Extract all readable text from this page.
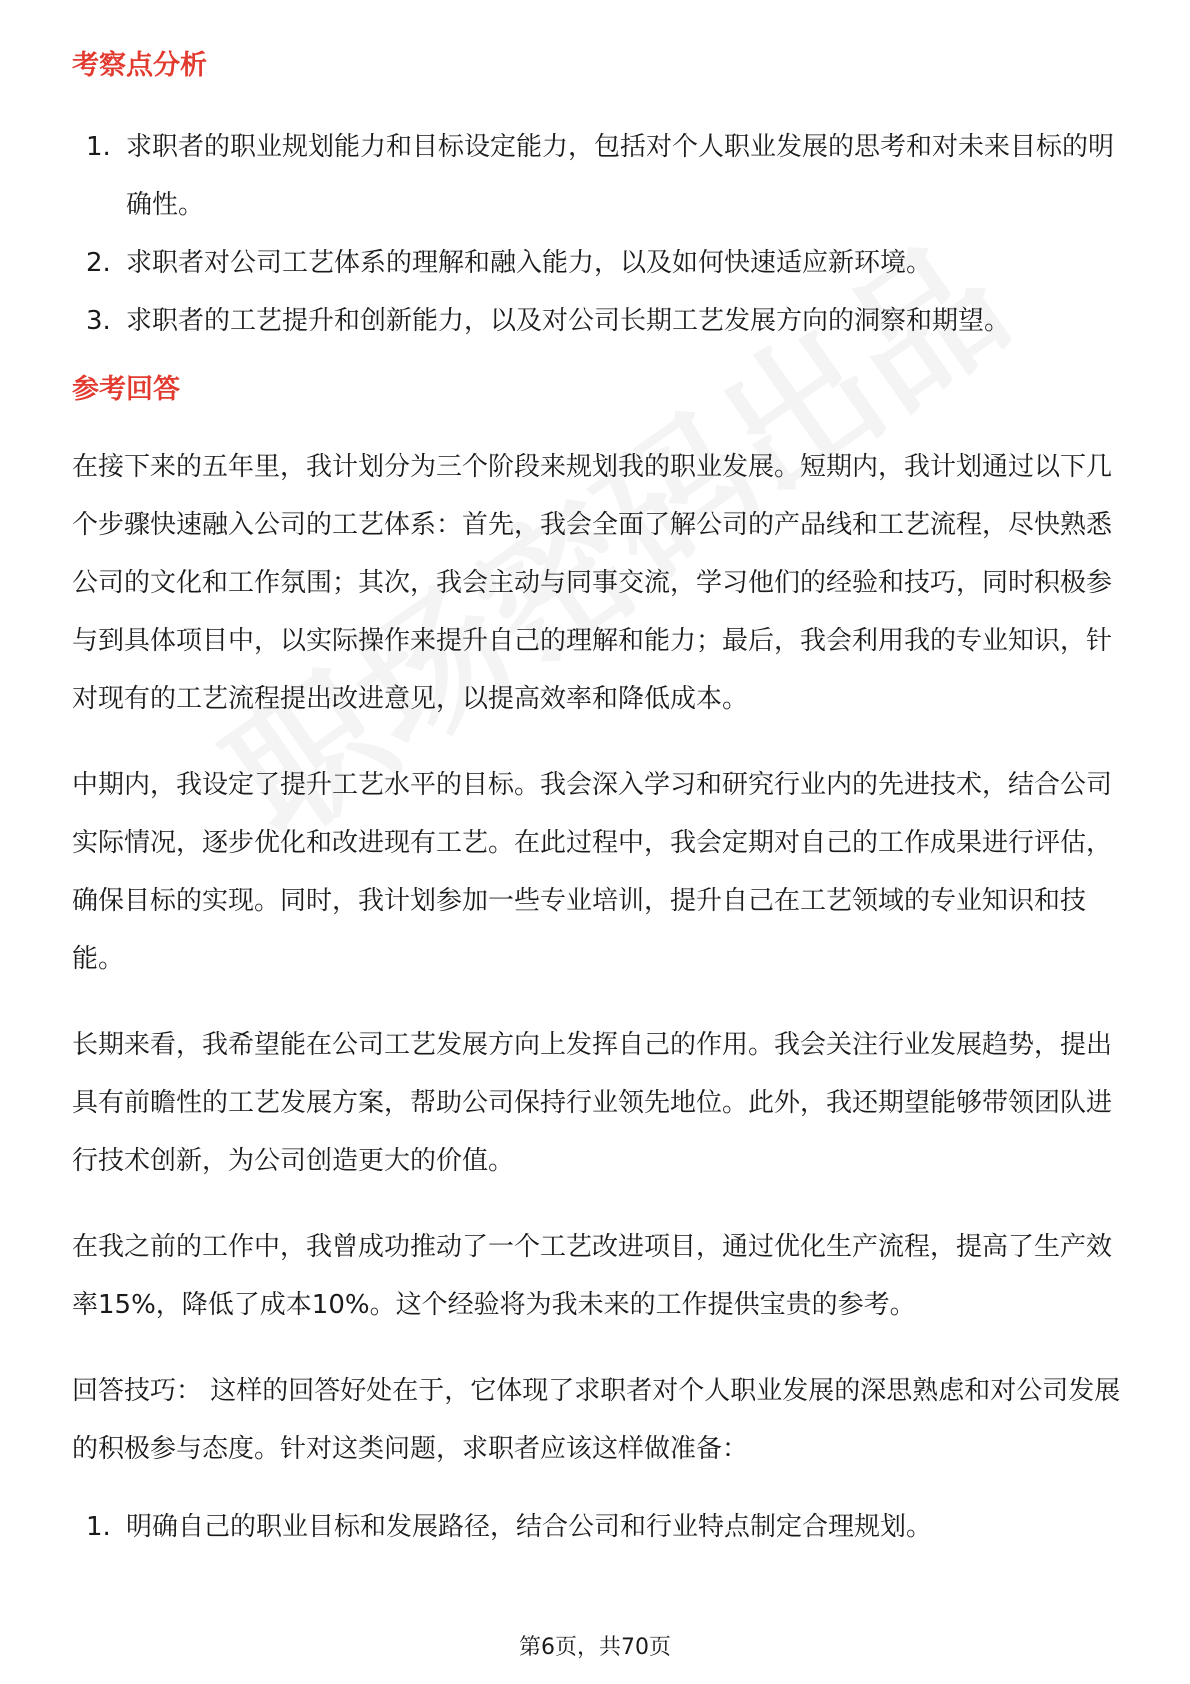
考察点分析
1. 求职者的职业规划能力和目标设定能力，包括对个人职业发展的思考和对未来目标的明确性。
2. 求职者对公司工艺体系的理解和融入能力，以及如何快速适应新环境。
3. 求职者的工艺提升和创新能力，以及对公司长期工艺发展方向的洞察和期望。
参考回答

在接下来的五年里，我计划分为三个阶段来规划我的职业发展。短期内，我计划通过以下几个步骤快速融入公司的工艺体系：首先，我会全面了解公司的产品线和工艺流程，尽快熟悉公司的文化和工作氛围；其次，我会主动与同事交流，学习他们的经验和技巧，同时积极参与到具体项目中，以实际操作来提升自己的理解和能力；最后，我会利用我的专业知识，针对现有的工艺流程提出改进意见，以提高效率和降低成本。

中期内，我设定了提升工艺水平的目标。我会深入学习和研究行业内的先进技术，结合公司实际情况，逐步优化和改进现有工艺。在此过程中，我会定期对自己的工作成果进行评估，确保目标的实现。同时，我计划参加一些专业培训，提升自己在工艺领域的专业知识和技能。

长期来看，我希望能在公司工艺发展方向上发挥自己的作用。我会关注行业发展趋势，提出具有前瞻性的工艺发展方案，帮助公司保持行业领先地位。此外，我还期望能够带领团队进行技术创新，为公司创造更大的价值。

在我之前的工作中，我曾成功推动了一个工艺改进项目，通过优化生产流程，提高了生产效率15%，降低了成本10%。这个经验将为我未来的工作提供宝贵的参考。

回答技巧： 这样的回答好处在于，它体现了求职者对个人职业发展的深思熟虑和对公司发展的积极参与态度。针对这类问题，求职者应该这样做准备：

1. 明确自己的职业目标和发展路径，结合公司和行业特点制定合理规划。
第6页，共70页
